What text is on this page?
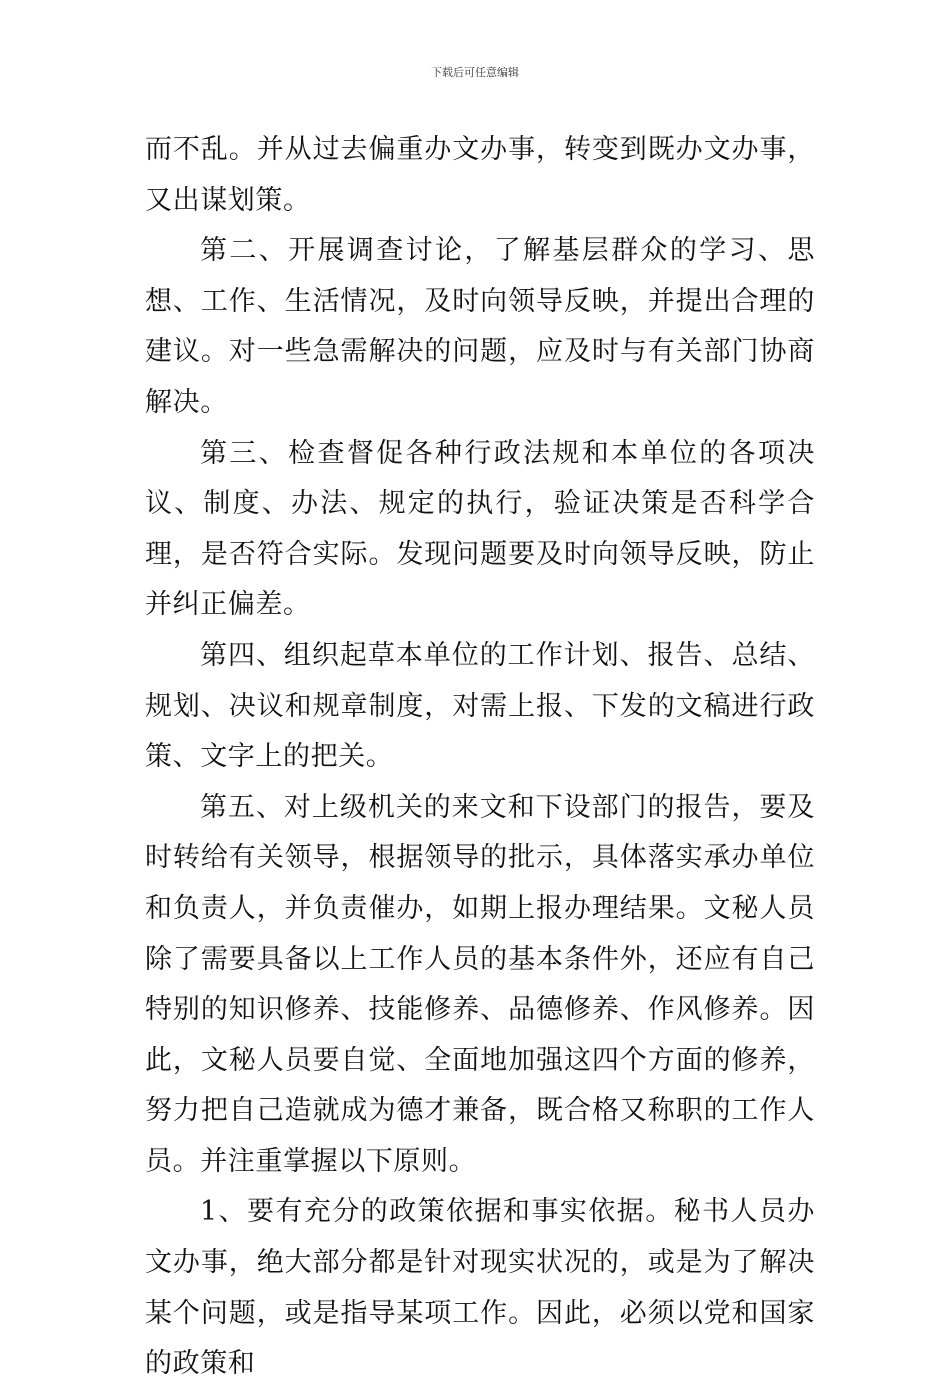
下载后可任意编辑

而不乱。并从过去偏重办文办事，转变到既办文办事，又出谋划策。

第二、开展调查讨论，了解基层群众的学习、思想、工作、生活情况，及时向领导反映，并提出合理的建议。对一些急需解决的问题，应及时与有关部门协商解决。

第三、检查督促各种行政法规和本单位的各项决议、制度、办法、规定的执行，验证决策是否科学合理，是否符合实际。发现问题要及时向领导反映，防止并纠正偏差。

第四、组织起草本单位的工作计划、报告、总结、规划、决议和规章制度，对需上报、下发的文稿进行政策、文字上的把关。

第五、对上级机关的来文和下设部门的报告，要及时转给有关领导，根据领导的批示，具体落实承办单位和负责人，并负责催办，如期上报办理结果。文秘人员除了需要具备以上工作人员的基本条件外，还应有自己特别的知识修养、技能修养、品德修养、作风修养。因此，文秘人员要自觉、全面地加强这四个方面的修养，努力把自己造就成为德才兼备，既合格又称职的工作人员。并注重掌握以下原则。

1、要有充分的政策依据和事实依据。秘书人员办文办事，绝大部分都是针对现实状况的，或是为了解决某个问题，或是指导某项工作。因此，必须以党和国家的政策和
